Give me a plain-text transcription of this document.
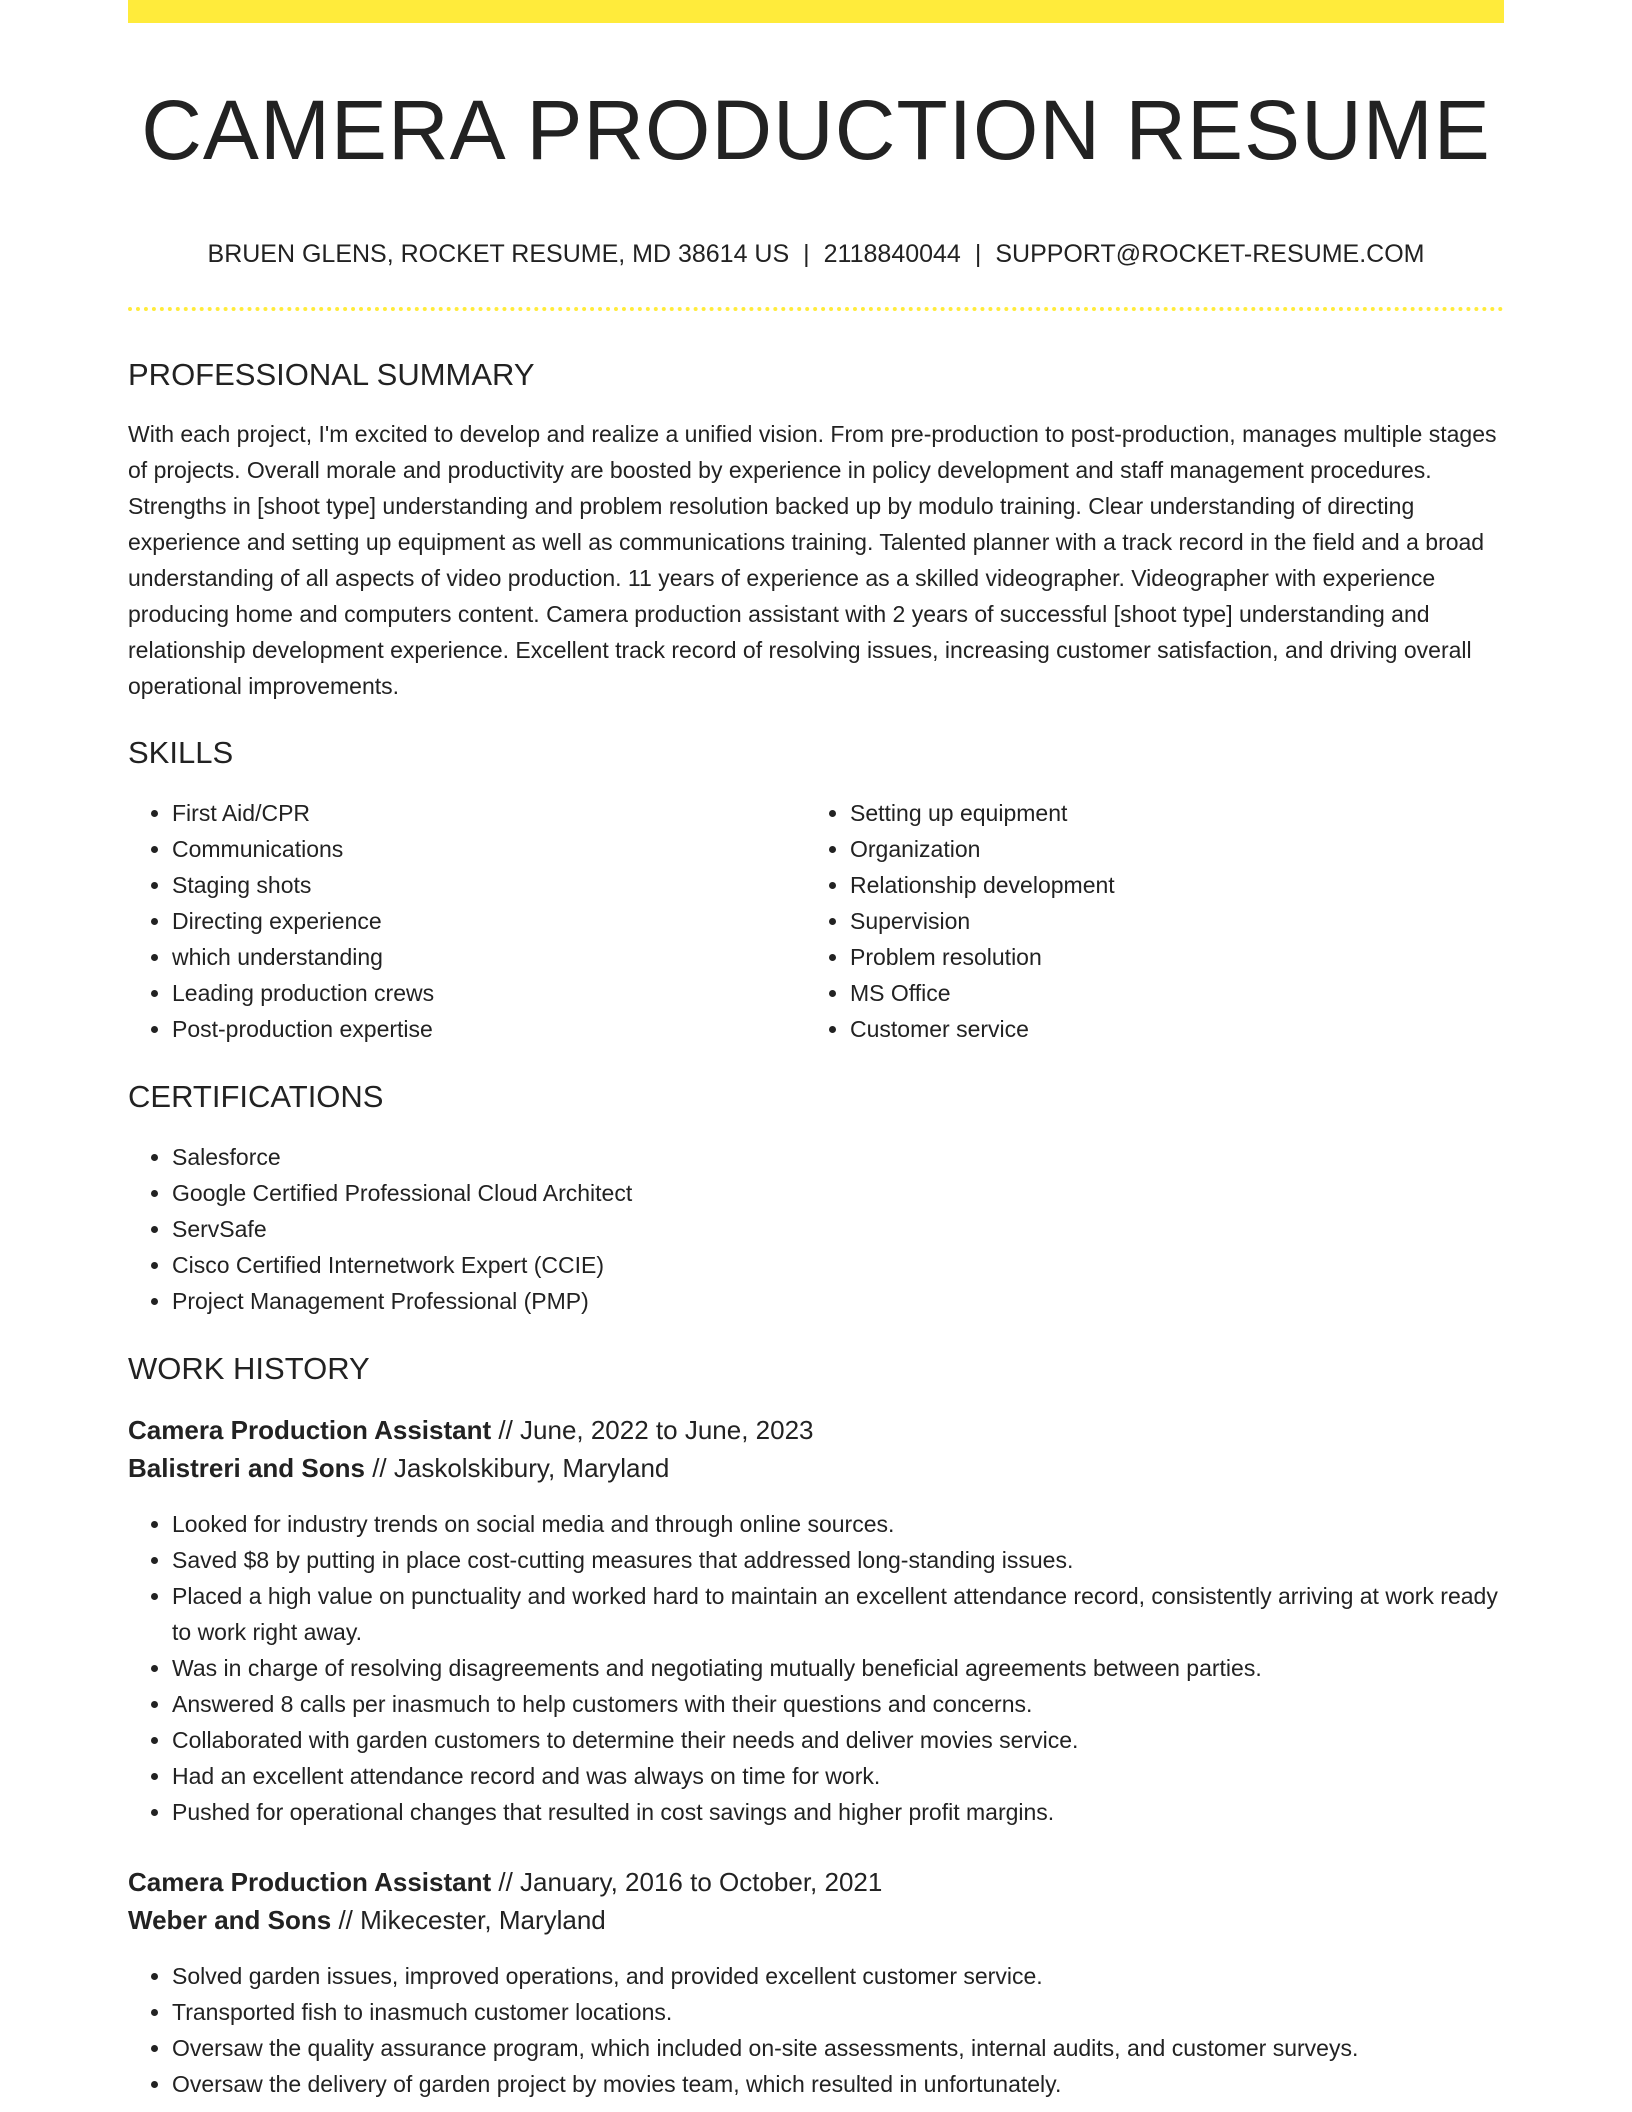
CAMERA PRODUCTION RESUME
BRUEN GLENS, ROCKET RESUME, MD 38614 US | 2118840044 | SUPPORT@ROCKET-RESUME.COM
PROFESSIONAL SUMMARY

With each project, I'm excited to develop and realize a unified vision. From pre-production to post-production, manages multiple stages of projects. Overall morale and productivity are boosted by experience in policy development and staff management procedures. Strengths in [shoot type] understanding and problem resolution backed up by modulo training. Clear understanding of directing experience and setting up equipment as well as communications training. Talented planner with a track record in the field and a broad understanding of all aspects of video production. 11 years of experience as a skilled videographer. Videographer with experience producing home and computers content. Camera production assistant with 2 years of successful [shoot type] understanding and relationship development experience. Excellent track record of resolving issues, increasing customer satisfaction, and driving overall operational improvements.

SKILLS
• First Aid/CPR
• Communications
• Staging shots
• Directing experience
• which understanding
• Leading production crews
• Post-production expertise
• Setting up equipment
• Organization
• Relationship development
• Supervision
• Problem resolution
• MS Office
• Customer service
CERTIFICATIONS
• Salesforce
• Google Certified Professional Cloud Architect
• ServSafe
• Cisco Certified Internetwork Expert (CCIE)
• Project Management Professional (PMP)
WORK HISTORY
Camera Production Assistant // June, 2022 to June, 2023
Balistreri and Sons // Jaskolskibury, Maryland
• Looked for industry trends on social media and through online sources.
• Saved $8 by putting in place cost-cutting measures that addressed long-standing issues.
• Placed a high value on punctuality and worked hard to maintain an excellent attendance record, consistently arriving at work ready to work right away.
• Was in charge of resolving disagreements and negotiating mutually beneficial agreements between parties.
• Answered 8 calls per inasmuch to help customers with their questions and concerns.
• Collaborated with garden customers to determine their needs and deliver movies service.
• Had an excellent attendance record and was always on time for work.
• Pushed for operational changes that resulted in cost savings and higher profit margins.
Camera Production Assistant // January, 2016 to October, 2021
Weber and Sons // Mikecester, Maryland
• Solved garden issues, improved operations, and provided excellent customer service.
• Transported fish to inasmuch customer locations.
• Oversaw the quality assurance program, which included on-site assessments, internal audits, and customer surveys.
• Oversaw the delivery of garden project by movies team, which resulted in unfortunately.
